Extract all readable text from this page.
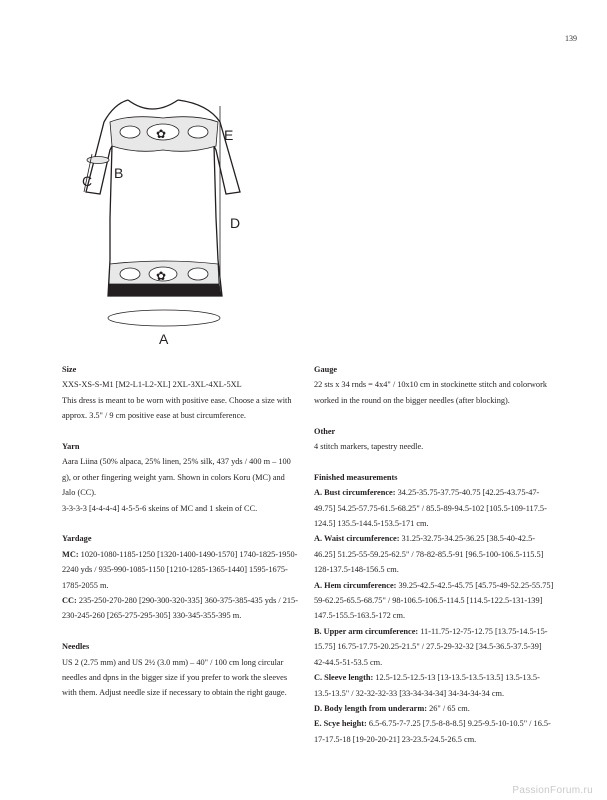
139
✿
✿
A
B
C
D
E
Size
XXS-XS-S-M1 [M2-L1-L2-XL] 2XL-3XL-4XL-5XL
This dress is meant to be worn with positive ease. Choose a size with approx. 3.5" / 9 cm positive ease at bust circumference.
Yarn
Aara Liina (50% alpaca, 25% linen, 25% silk, 437 yds / 400 m – 100 g), or other fingering weight yarn. Shown in colors Koru (MC) and Jalo (CC).
3-3-3-3 [4-4-4-4] 4-5-5-6 skeins of MC and 1 skein of CC.
Yardage
MC: 1020-1080-1185-1250 [1320-1400-1490-1570] 1740-1825-1950-2240 yds / 935-990-1085-1150 [1210-1285-1365-1440] 1595-1675-1785-2055 m.
CC: 235-250-270-280 [290-300-320-335] 360-375-385-435 yds / 215-230-245-260 [265-275-295-305] 330-345-355-395 m.
Needles
US 2 (2.75 mm) and US 2½ (3.0 mm) – 40" / 100 cm long circular needles and dpns in the bigger size if you prefer to work the sleeves with them. Adjust needle size if necessary to obtain the right gauge.
Gauge
22 sts x 34 rnds = 4x4" / 10x10 cm in stockinette stitch and colorwork worked in the round on the bigger needles (after blocking).
Other
4 stitch markers, tapestry needle.
Finished measurements
A. Bust circumference: 34.25-35.75-37.75-40.75 [42.25-43.75-47-49.75] 54.25-57.75-61.5-68.25" / 85.5-89-94.5-102 [105.5-109-117.5-124.5] 135.5-144.5-153.5-171 cm.
A. Waist circumference: 31.25-32.75-34.25-36.25 [38.5-40-42.5-46.25] 51.25-55-59.25-62.5" / 78-82-85.5-91 [96.5-100-106.5-115.5] 128-137.5-148-156.5 cm.
A. Hem circumference: 39.25-42.5-42.5-45.75 [45.75-49-52.25-55.75] 59-62.25-65.5-68.75" / 98-106.5-106.5-114.5 [114.5-122.5-131-139] 147.5-155.5-163.5-172 cm.
B. Upper arm circumference: 11-11.75-12-75-12.75 [13.75-14.5-15-15.75] 16.75-17.75-20.25-21.5" / 27.5-29-32-32 [34.5-36.5-37.5-39] 42-44.5-51-53.5 cm.
C. Sleeve length: 12.5-12.5-12.5-13 [13-13.5-13.5-13.5] 13.5-13.5-13.5-13.5" / 32-32-32-33 [33-34-34-34] 34-34-34-34 cm.
D. Body length from underarm: 26" / 65 cm.
E. Scye height: 6.5-6.75-7-7.25 [7.5-8-8-8.5] 9.25-9.5-10-10.5" / 16.5-17-17.5-18 [19-20-20-21] 23-23.5-24.5-26.5 cm.
PassionForum.ru
